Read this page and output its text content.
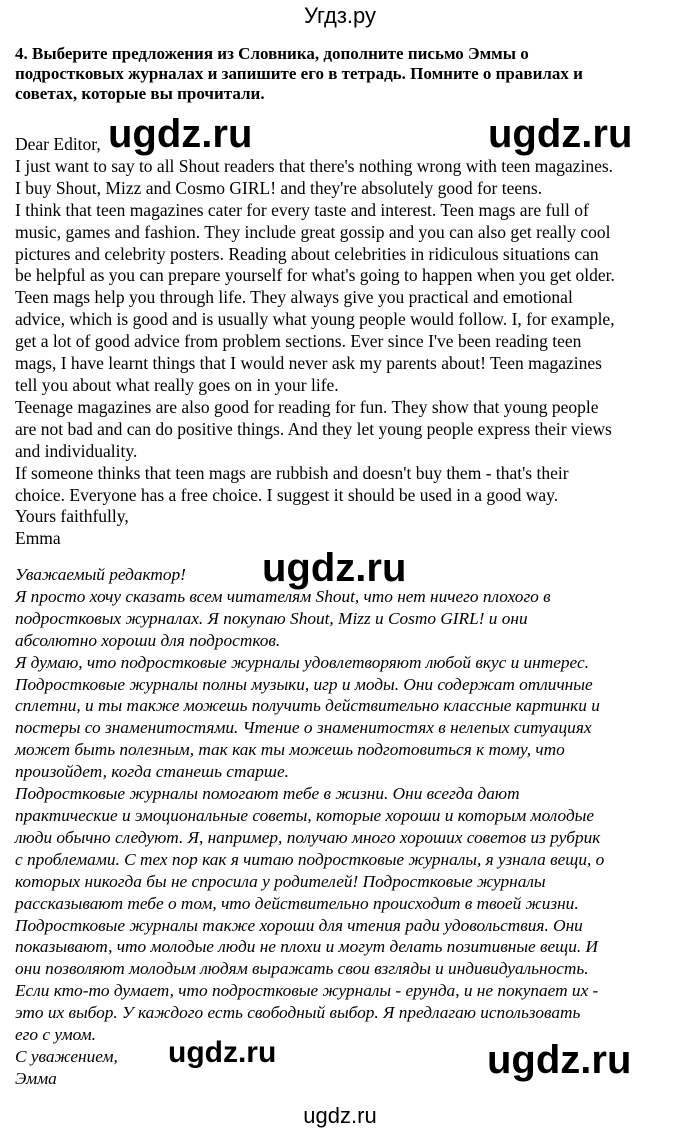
Угдз.ру
4. Выберите предложения из Словника, дополните письмо Эммы о
подростковых журналах и запишите его в тетрадь. Помните о правилах и
советах, которые вы прочитали.
Dear Editor,
I just want to say to all Shout readers that there's nothing wrong with teen magazines.
I buy Shout, Mizz and Cosmo GIRL! and they're absolutely good for teens.
I think that teen magazines cater for every taste and interest. Teen mags are full of
music, games and fashion. They include great gossip and you can also get really cool
pictures and celebrity posters. Reading about celebrities in ridiculous situations can
be helpful as you can prepare yourself for what's going to happen when you get older.
Teen mags help you through life. They always give you practical and emotional
advice, which is good and is usually what young people would follow. I, for example,
get a lot of good advice from problem sections. Ever since I've been reading teen
mags, I have learnt things that I would never ask my parents about! Teen magazines
tell you about what really goes on in your life.
Teenage magazines are also good for reading for fun. They show that young people
are not bad and can do positive things. And they let young people express their views
and individuality.
If someone thinks that teen mags are rubbish and doesn't buy them - that's their
choice. Everyone has a free choice. I suggest it should be used in a good way.
Yours faithfully,
Emma
Уважаемый редактор!
Я просто хочу сказать всем читателям Shout, что нет ничего плохого в
подростковых журналах. Я покупаю Shout, Mizz и Cosmo GIRL! и они
абсолютно хороши для подростков.
Я думаю, что подростковые журналы удовлетворяют любой вкус и интерес.
Подростковые журналы полны музыки, игр и моды. Они содержат отличные
сплетни, и ты также можешь получить действительно классные картинки и
постеры со знаменитостями. Чтение о знаменитостях в нелепых ситуациях
может быть полезным, так как ты можешь подготовиться к тому, что
произойдет, когда станешь старше.
Подростковые журналы помогают тебе в жизни. Они всегда дают
практические и эмоциональные советы, которые хороши и которым молодые
люди обычно следуют. Я, например, получаю много хороших советов из рубрик
с проблемами. С тех пор как я читаю подростковые журналы, я узнала вещи, о
которых никогда бы не спросила у родителей! Подростковые журналы
рассказывают тебе о том, что действительно происходит в твоей жизни.
Подростковые журналы также хороши для чтения ради удовольствия. Они
показывают, что молодые люди не плохи и могут делать позитивные вещи. И
они позволяют молодым людям выражать свои взгляды и индивидуальность.
Если кто-то думает, что подростковые журналы - ерунда, и не покупает их -
это их выбор. У каждого есть свободный выбор. Я предлагаю использовать
его с умом.
С уважением,
Эмма
ugdz.ru	ugdz.ru
ugdz.ru
ugdz.ru	ugdz.ru
ugdz.ru
